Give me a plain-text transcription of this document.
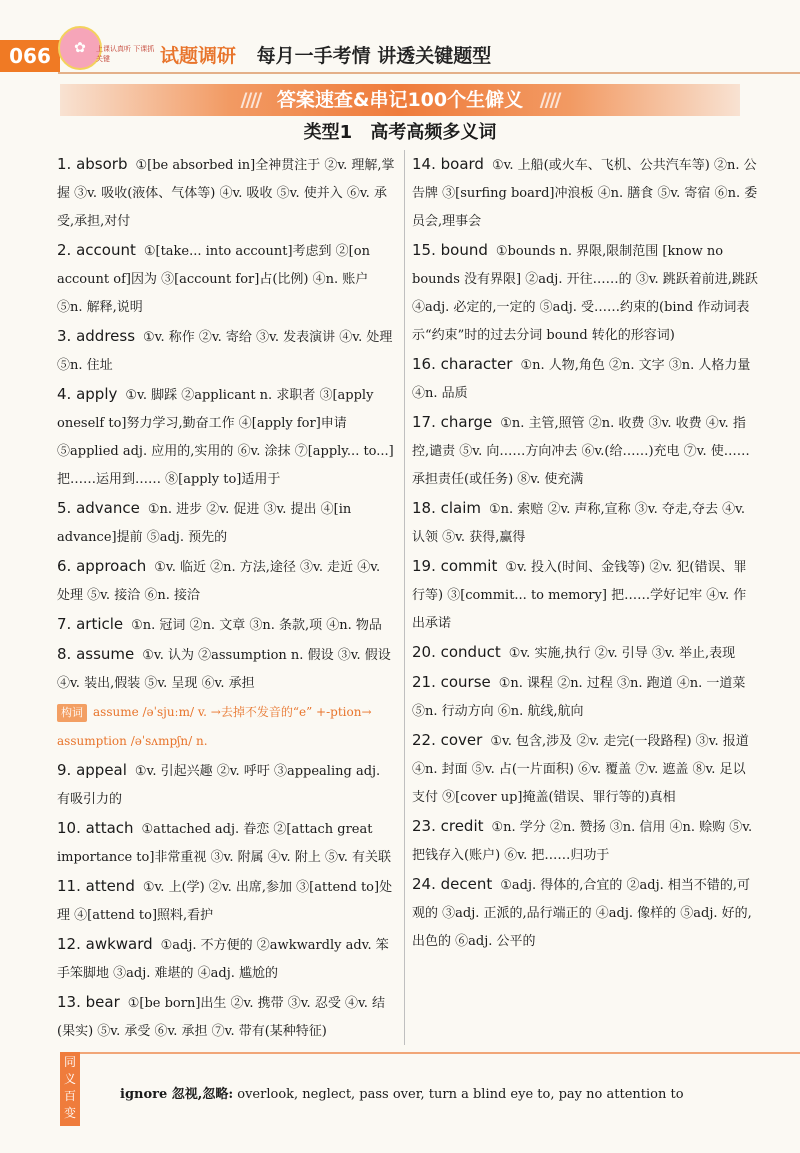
066	✿	上课认真听 下课抓关键	试题调研 每月一手考情 讲透关键题型
//// 答案速查&串记100个生僻义 ////
类型1 高考高频多义词

1. absorb ①[be absorbed in]全神贯注于 ②v. 理解,掌握 ③v. 吸收(液体、气体等) ④v. 吸收 ⑤v. 使并入 ⑥v. 承受,承担,对付

2. account ①[take... into account]考虑到 ②[on account of]因为 ③[account for]占(比例) ④n. 账户 ⑤n. 解释,说明

3. address ①v. 称作 ②v. 寄给 ③v. 发表演讲 ④v. 处理 ⑤n. 住址

4. apply ①v. 脚踩 ②applicant n. 求职者 ③[apply oneself to]努力学习,勤奋工作 ④[apply for]申请 ⑤applied adj. 应用的,实用的 ⑥v. 涂抹 ⑦[apply... to...]把……运用到…… ⑧[apply to]适用于

5. advance ①n. 进步 ②v. 促进 ③v. 提出 ④[in advance]提前 ⑤adj. 预先的

6. approach ①v. 临近 ②n. 方法,途径 ③v. 走近 ④v. 处理 ⑤v. 接洽 ⑥n. 接洽

7. article ①n. 冠词 ②n. 文章 ③n. 条款,项 ④n. 物品

8. assume ①v. 认为 ②assumption n. 假设 ③v. 假设 ④v. 装出,假装 ⑤v. 呈现 ⑥v. 承担

构词 assume /əˈsjuːm/ v. →去掉不发音的“e” +-ption→ assumption /əˈsʌmpʃn/ n.

9. appeal ①v. 引起兴趣 ②v. 呼吁 ③appealing adj. 有吸引力的

10. attach ①attached adj. 眷恋 ②[attach great importance to]非常重视 ③v. 附属 ④v. 附上 ⑤v. 有关联

11. attend ①v. 上(学) ②v. 出席,参加 ③[attend to]处理 ④[attend to]照料,看护

12. awkward ①adj. 不方便的 ②awkwardly adv. 笨手笨脚地 ③adj. 难堪的 ④adj. 尴尬的

13. bear ①[be born]出生 ②v. 携带 ③v. 忍受 ④v. 结(果实) ⑤v. 承受 ⑥v. 承担 ⑦v. 带有(某种特征)

14. board ①v. 上船(或火车、飞机、公共汽车等) ②n. 公告牌 ③[surfing board]冲浪板 ④n. 膳食 ⑤v. 寄宿 ⑥n. 委员会,理事会

15. bound ①bounds n. 界限,限制范围 [know no bounds 没有界限] ②adj. 开往……的 ③v. 跳跃着前进,跳跃 ④adj. 必定的,一定的 ⑤adj. 受……约束的(bind 作动词表示“约束”时的过去分词 bound 转化的形容词)

16. character ①n. 人物,角色 ②n. 文字 ③n. 人格力量 ④n. 品质

17. charge ①n. 主管,照管 ②n. 收费 ③v. 收费 ④v. 指控,谴责 ⑤v. 向……方向冲去 ⑥v.(给……)充电 ⑦v. 使……承担责任(或任务) ⑧v. 使充满

18. claim ①n. 索赔 ②v. 声称,宣称 ③v. 夺走,夺去 ④v. 认领 ⑤v. 获得,赢得

19. commit ①v. 投入(时间、金钱等) ②v. 犯(错误、罪行等) ③[commit... to memory] 把……学好记牢 ④v. 作出承诺

20. conduct ①v. 实施,执行 ②v. 引导 ③v. 举止,表现

21. course ①n. 课程 ②n. 过程 ③n. 跑道 ④n. 一道菜 ⑤n. 行动方向 ⑥n. 航线,航向

22. cover ①v. 包含,涉及 ②v. 走完(一段路程) ③v. 报道 ④n. 封面 ⑤v. 占(一片面积) ⑥v. 覆盖 ⑦v. 遮盖 ⑧v. 足以支付 ⑨[cover up]掩盖(错误、罪行等的)真相

23. credit ①n. 学分 ②n. 赞扬 ③n. 信用 ④n. 赊购 ⑤v. 把钱存入(账户) ⑥v. 把……归功于

24. decent ①adj. 得体的,合宜的 ②adj. 相当不错的,可观的 ③adj. 正派的,品行端正的 ④adj. 像样的 ⑤adj. 好的,出色的 ⑥adj. 公平的

同义百变
ignore 忽视,忽略: overlook, neglect, pass over, turn a blind eye to, pay no attention to
